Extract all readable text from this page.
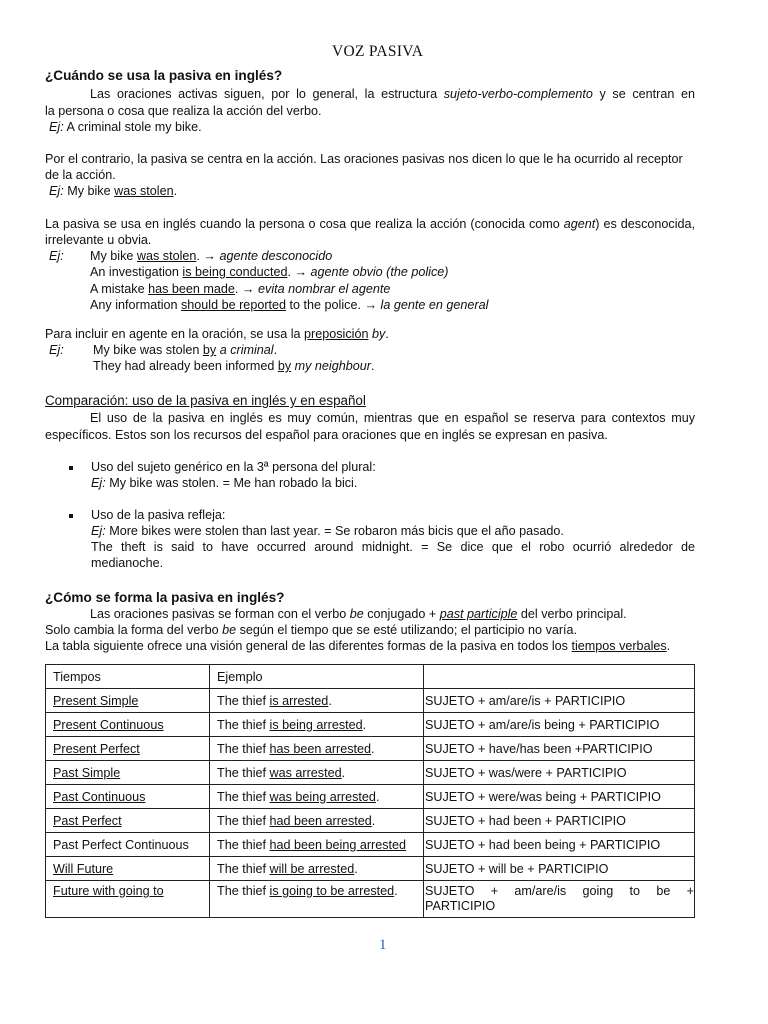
VOZ PASIVA
¿Cuándo se usa la pasiva en inglés?
Las oraciones activas siguen, por lo general, la estructura sujeto-verbo-complemento y se centran en
la persona o cosa que realiza la acción del verbo.
Ej: A criminal stole my bike.
Por el contrario, la pasiva se centra en la acción. Las oraciones pasivas nos dicen lo que le ha ocurrido al receptor
de la acción.
Ej: My bike was stolen.
La pasiva se usa en inglés cuando la persona o cosa que realiza la acción (conocida como agent) es desconocida,
irrelevante u obvia.
Ej: My bike was stolen. → agente desconocido
An investigation is being conducted. → agente obvio (the police)
A mistake has been made. → evita nombrar el agente
Any information should be reported to the police. → la gente en general
Para incluir en agente en la oración, se usa la preposición by.
Ej: My bike was stolen by a criminal.
They had already been informed by my neighbour.
Comparación: uso de la pasiva en inglés y en español
El uso de la pasiva en inglés es muy común, mientras que en español se reserva para contextos muy
específicos. Estos son los recursos del español para oraciones que en inglés se expresan en pasiva.
Uso del sujeto genérico en la 3ª persona del plural:
Ej: My bike was stolen. = Me han robado la bici.
Uso de la pasiva refleja:
Ej: More bikes were stolen than last year. = Se robaron más bicis que el año pasado.
The theft is said to have occurred around midnight. = Se dice que el robo ocurrió alrededor de
medianoche.
¿Cómo se forma la pasiva en inglés?
Las oraciones pasivas se forman con el verbo be conjugado + past participle del verbo principal.
Solo cambia la forma del verbo be según el tiempo que se esté utilizando; el participio no varía.
La tabla siguiente ofrece una visión general de las diferentes formas de la pasiva en todos los tiempos verbales.
Tiempos	Ejemplo	
Present Simple	The thief is arrested.	SUJETO + am/are/is + PARTICIPIO
Present Continuous	The thief is being arrested.	SUJETO + am/are/is being + PARTICIPIO
Present Perfect	The thief has been arrested.	SUJETO + have/has been +PARTICIPIO
Past Simple	The thief was arrested.	SUJETO + was/were + PARTICIPIO
Past Continuous	The thief was being arrested.	SUJETO + were/was being + PARTICIPIO
Past Perfect	The thief had been arrested.	SUJETO + had been + PARTICIPIO
Past Perfect Continuous	The thief had been being arrested	SUJETO + had been being + PARTICIPIO
Will Future	The thief will be arrested.	SUJETO + will be + PARTICIPIO
Future with going to	The thief is going to be arrested.	SUJETO + am/are/is going to be +
PARTICIPIO
1
